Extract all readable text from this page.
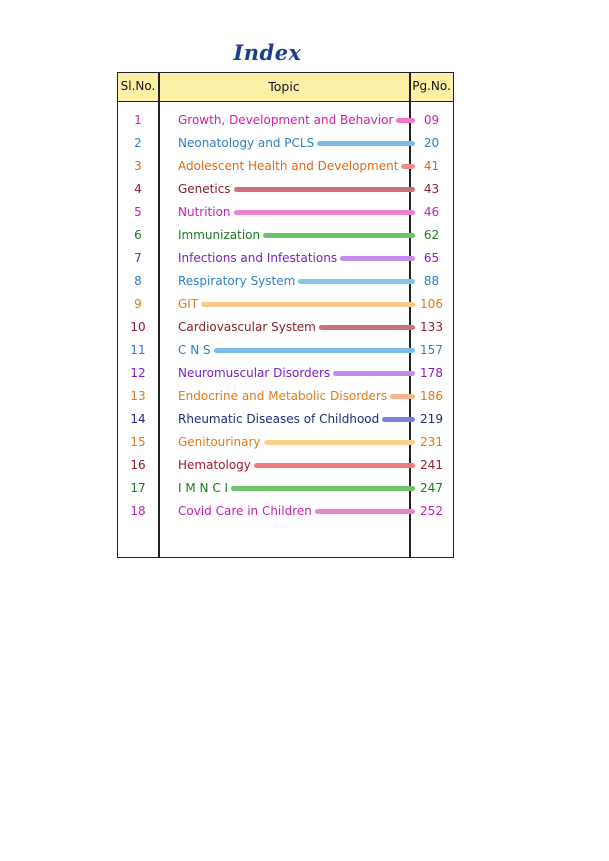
Index
Sl.No.	Topic	Pg.No.
1	Growth, Development and Behavior	09
2	Neonatology and PCLS	20
3	Adolescent Health and Development	41
4	Genetics	43
5	Nutrition	46
6	Immunization	62
7	Infections and Infestations	65
8	Respiratory System	88
9	GIT	106
10	Cardiovascular System	133
11	C N S	157
12	Neuromuscular Disorders	178
13	Endocrine and Metabolic Disorders	186
14	Rheumatic Diseases of Childhood	219
15	Genitourinary	231
16	Hematology	241
17	I M N C I	247
18	Covid Care in Children	252
